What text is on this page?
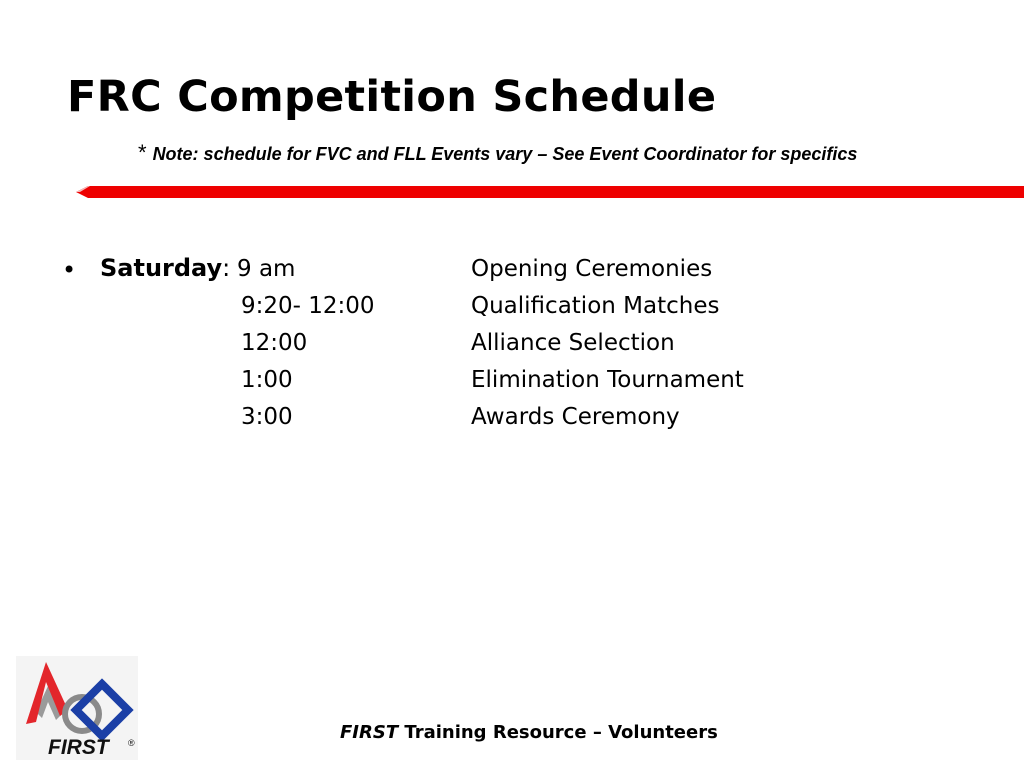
FRC Competition Schedule
* Note: schedule for FVC and FLL Events vary – See Event Coordinator for specifics
• Saturday: 9 am	Opening Ceremonies
9:20- 12:00	Qualification Matches
12:00	Alliance Selection
1:00	Elimination Tournament
3:00	Awards Ceremony
FIRST ®	FIRST Training Resource – Volunteers
